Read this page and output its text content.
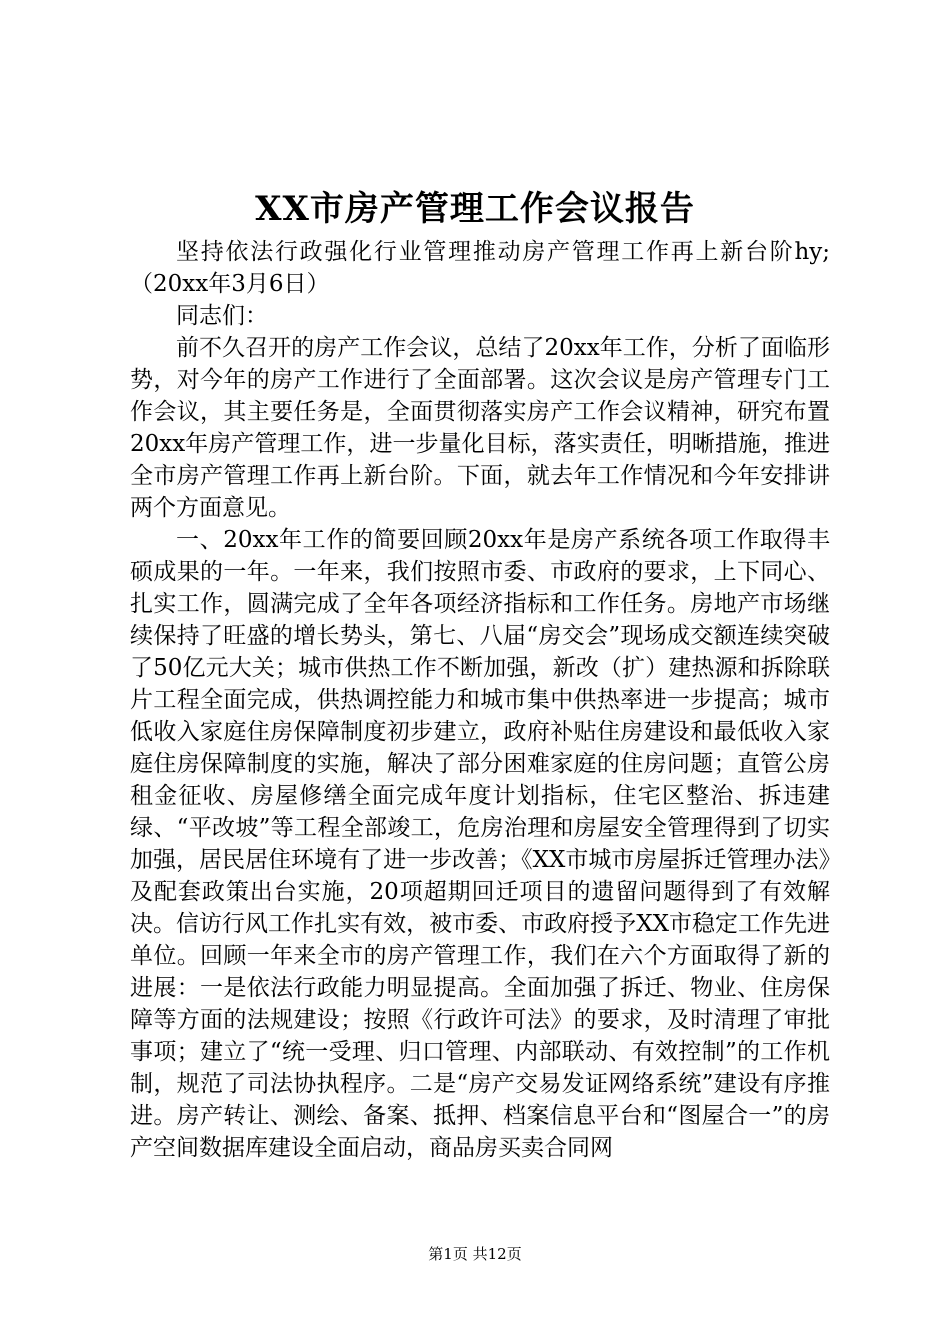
XX市房产管理工作会议报告

坚持依法行政强化行业管理推动房产管理工作再上新台阶hy;（20xx年3月6日）

同志们：

前不久召开的房产工作会议，总结了20xx年工作，分析了面临形势，对今年的房产工作进行了全面部署。这次会议是房产管理专门工作会议，其主要任务是，全面贯彻落实房产工作会议精神，研究布置20xx年房产管理工作，进一步量化目标，落实责任，明晰措施，推进全市房产管理工作再上新台阶。下面，就去年工作情况和今年安排讲两个方面意见。

一、20xx年工作的简要回顾20xx年是房产系统各项工作取得丰硕成果的一年。一年来，我们按照市委、市政府的要求，上下同心、扎实工作，圆满完成了全年各项经济指标和工作任务。房地产市场继续保持了旺盛的增长势头，第七、八届“房交会”现场成交额连续突破了50亿元大关；城市供热工作不断加强，新改（扩）建热源和拆除联片工程全面完成，供热调控能力和城市集中供热率进一步提高；城市低收入家庭住房保障制度初步建立，政府补贴住房建设和最低收入家庭住房保障制度的实施，解决了部分困难家庭的住房问题；直管公房租金征收、房屋修缮全面完成年度计划指标，住宅区整治、拆违建绿、“平改坡”等工程全部竣工，危房治理和房屋安全管理得到了切实加强，居民居住环境有了进一步改善；《XX市城市房屋拆迁管理办法》及配套政策出台实施，20项超期回迁项目的遗留问题得到了有效解决。信访行风工作扎实有效，被市委、市政府授予XX市稳定工作先进单位。回顾一年来全市的房产管理工作，我们在六个方面取得了新的进展：一是依法行政能力明显提高。全面加强了拆迁、物业、住房保障等方面的法规建设；按照《行政许可法》的要求，及时清理了审批事项；建立了“统一受理、归口管理、内部联动、有效控制”的工作机制，规范了司法协执程序。二是“房产交易发证网络系统”建设有序推进。房产转让、测绘、备案、抵押、档案信息平台和“图屋合一”的房产空间数据库建设全面启动，商品房买卖合同网

第1页 共12页
